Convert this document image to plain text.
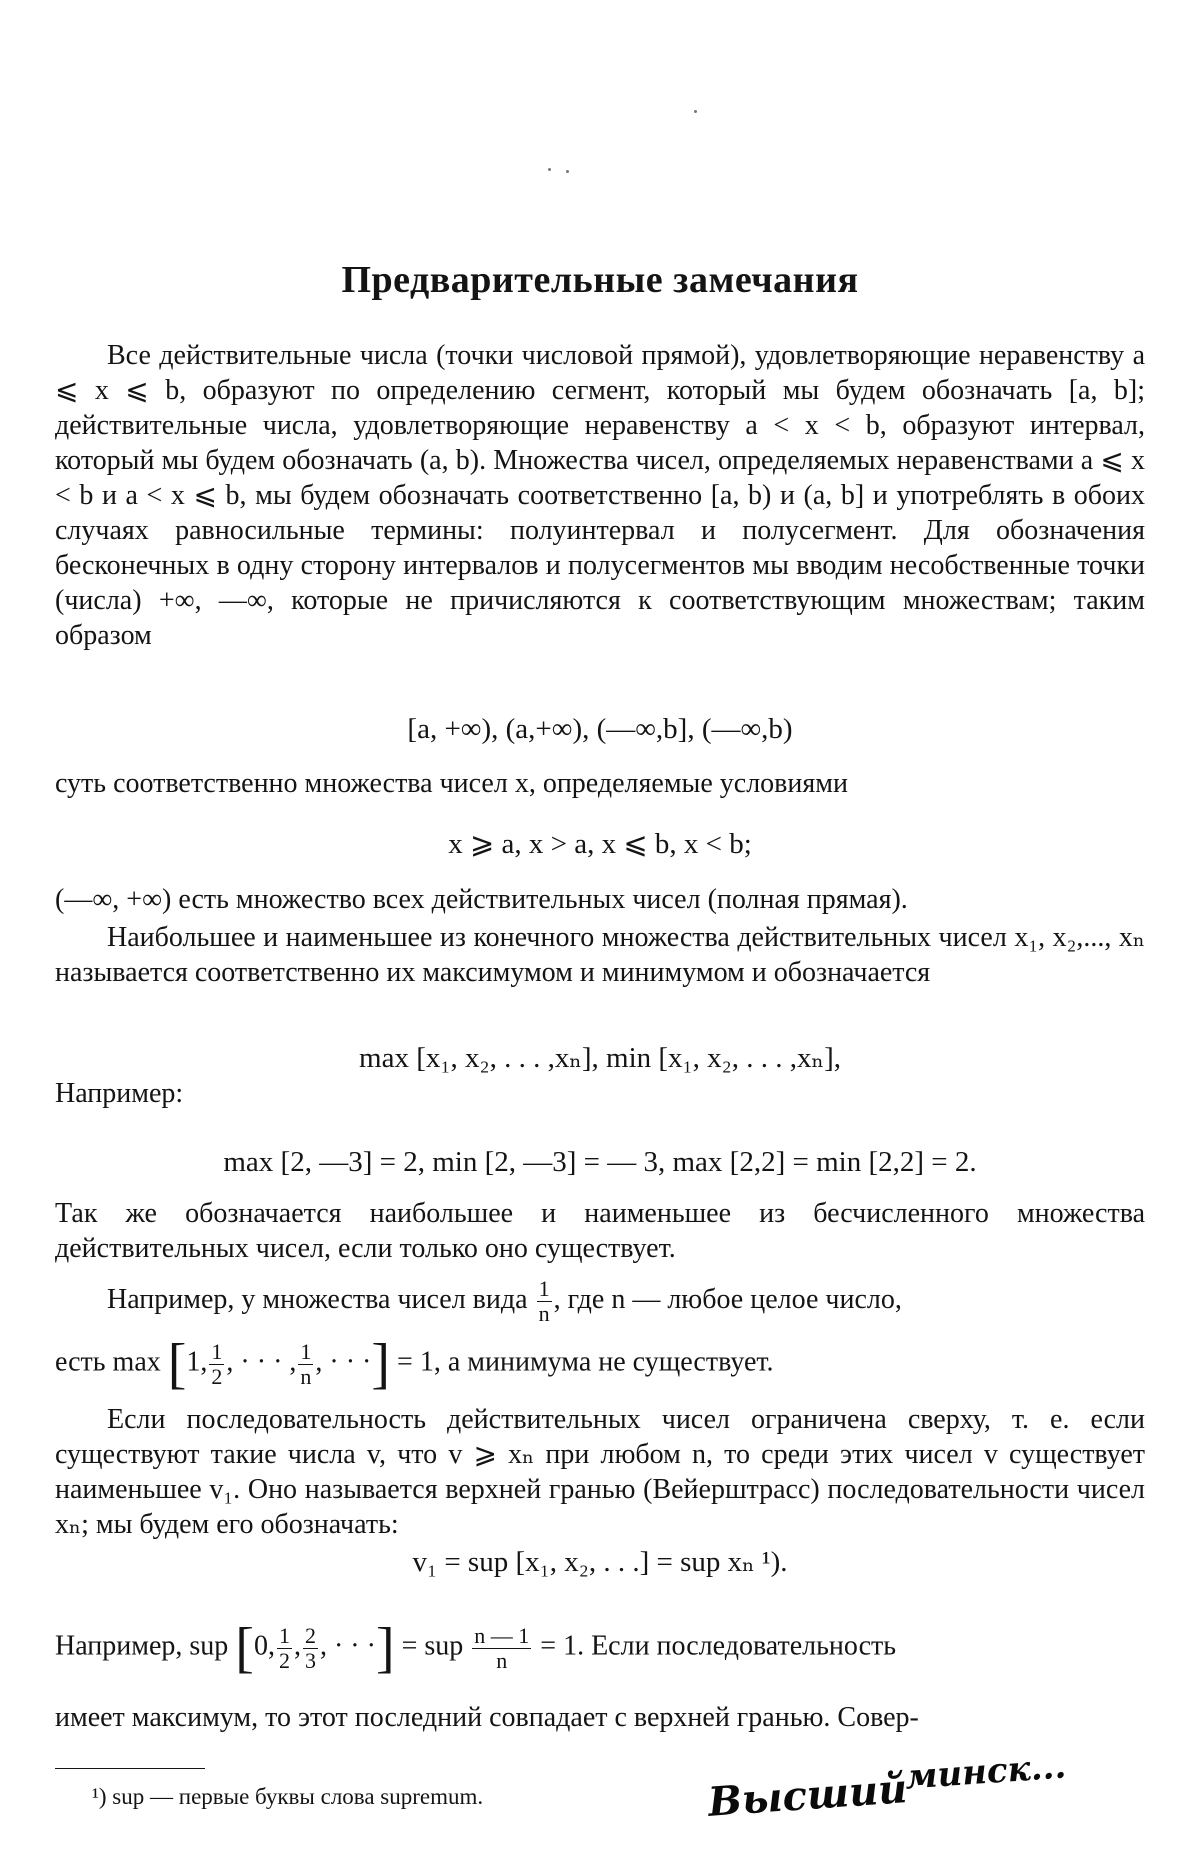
Предварительные замечания

Все действительные числа (точки числовой прямой), удовлетворяющие неравенству a ⩽ x ⩽ b, образуют по определению сегмент, который мы будем обозначать [a, b]; действительные числа, удовлетворяющие неравенству a < x < b, образуют интервал, который мы будем обозначать (a, b). Множества чисел, определяемых неравенствами a ⩽ x < b и a < x ⩽ b, мы будем обозначать соответственно [a, b) и (a, b] и употреблять в обоих случаях равносильные термины: полуинтервал и полусегмент. Для обозначения бесконечных в одну сторону интервалов и полусегментов мы вводим несобственные точки (числа) +∞, —∞, которые не причисляются к соответствующим множествам; таким образом

[a, +∞), (a,+∞), (—∞,b], (—∞,b)
суть соответственно множества чисел x, определяемые условиями
x ⩾ a, x > a, x ⩽ b, x < b;
(—∞, +∞) есть множество всех действительных чисел (полная прямая).

Наибольшее и наименьшее из конечного множества действительных чисел x₁, x₂,..., xₙ называется соответственно их максимумом и минимумом и обозначается

max [x₁, x₂, . . . ,xₙ], min [x₁, x₂, . . . ,xₙ],
Например:
max [2, —3] = 2, min [2, —3] = — 3, max [2,2] = min [2,2] = 2.

Так же обозначается наибольшее и наименьшее из бесчисленного множества действительных чисел, если только оно существует.

Например, у множества чисел вида $\frac{1}{n}$ , где n — любое целое число,
есть max [1, $\frac{1}{2}$ , · · · , $\frac{1}{n}$ , · · ·] = 1, а минимума не существует.

Если последовательность действительных чисел ограничена сверху, т. е. если существуют такие числа v, что v ⩾ xₙ при любом n, то среди этих чисел v существует наименьшее v₁. Оно называется верхней гранью (Вейерштрасс) последовательности чисел xₙ; мы будем его обозначать:

v₁ = sup [x₁, x₂, . . .] = sup xₙ ¹).
Например, sup [0, $\frac{1}{2}$ , $\frac{2}{3}$ , · · ·] = sup $\frac{n — 1}{n} = 1$. Если последовательность
имеет максимум, то этот последний совпадает с верхней гранью. Совер-
¹) sup — первые буквы слова supremum.	Высший
минск...
